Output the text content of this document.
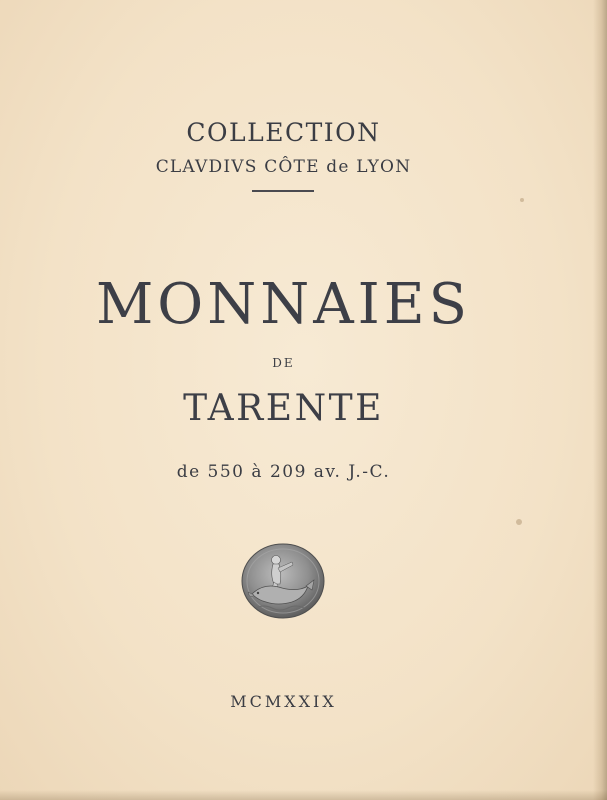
COLLECTION
CLAVDIVS CÔTE de LYON
MONNAIES
DE
TARENTE
de 550 à 209 av. J.-C.
MCMXXIX
